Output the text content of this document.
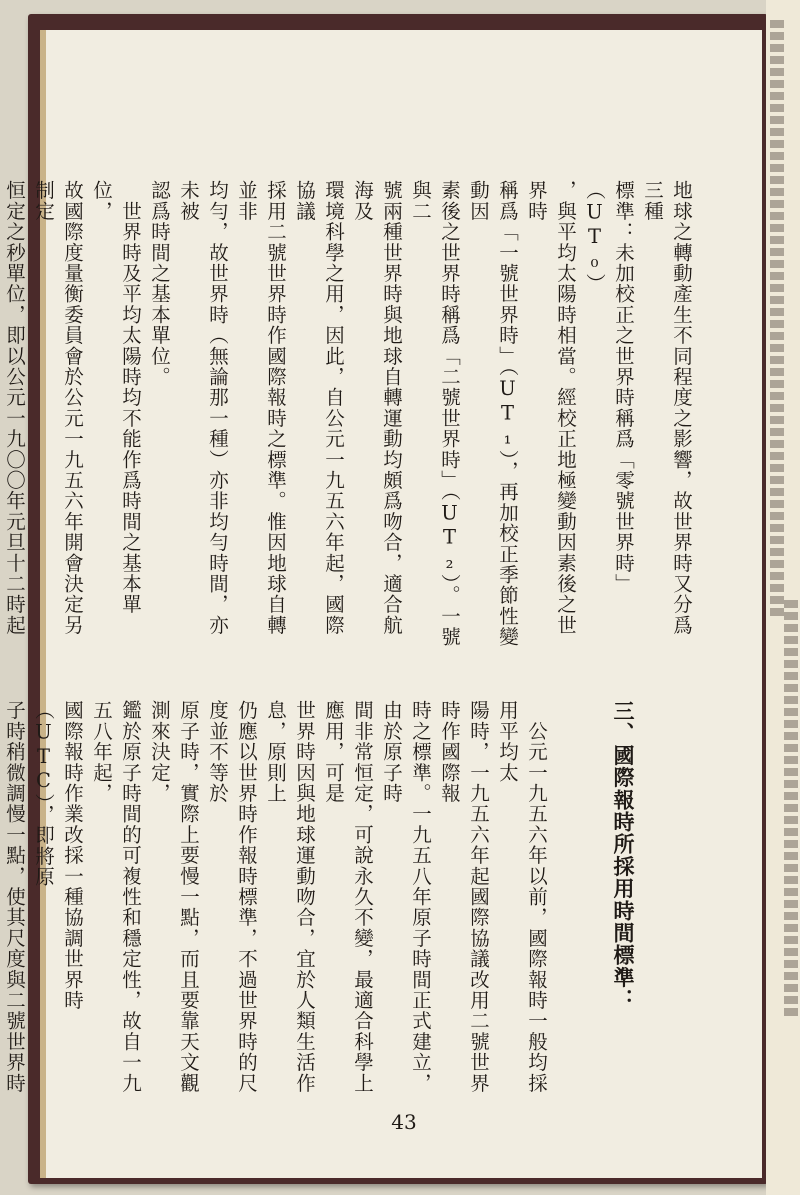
地球之轉動產生不同程度之影響，故世界時又分爲三種
標準：未加校正之世界時稱爲「零號世界時」（UT₀）
，與平均太陽時相當。經校正地極變動因素後之世界時
稱爲「一號世界時」（UT₁），再加校正季節性變動因
素後之世界時稱爲「二號世界時」（UT₂）。一號與二
號兩種世界時與地球自轉運動均頗爲吻合，適合航海及
環境科學之用，因此，自公元一九五六年起，國際協議
採用二號世界時作國際報時之標準。惟因地球自轉並非
均勻，故世界時（無論那一種）亦非均勻時間，亦未被
認爲時間之基本單位。
　世界時及平均太陽時均不能作爲時間之基本單位，
故國際度量衡委員會於公元一九五六年開會決定另制定
恒定之秒單位，即以公元一九〇〇年元旦十二時起

三、國際報時所採用時間標準：

　公元一九五六年以前，國際報時一般均採用平均太
陽時，一九五六年起國際協議改用二號世界時作國際報
時之標準。一九五八年原子時間正式建立，由於原子時
間非常恒定，可說永久不變，最適合科學上應用，可是
世界時因與地球運動吻合，宜於人類生活作息，原則上
仍應以世界時作報時標準，不過世界時的尺度並不等於
原子時，實際上要慢一點，而且要靠天文觀測來決定，
鑑於原子時間的可複性和穩定性，故自一九五八年起，
國際報時作業改採一種協調世界時（UTC），即將原
子時稍微調慢一點，使其尺度與二號世界時

43
